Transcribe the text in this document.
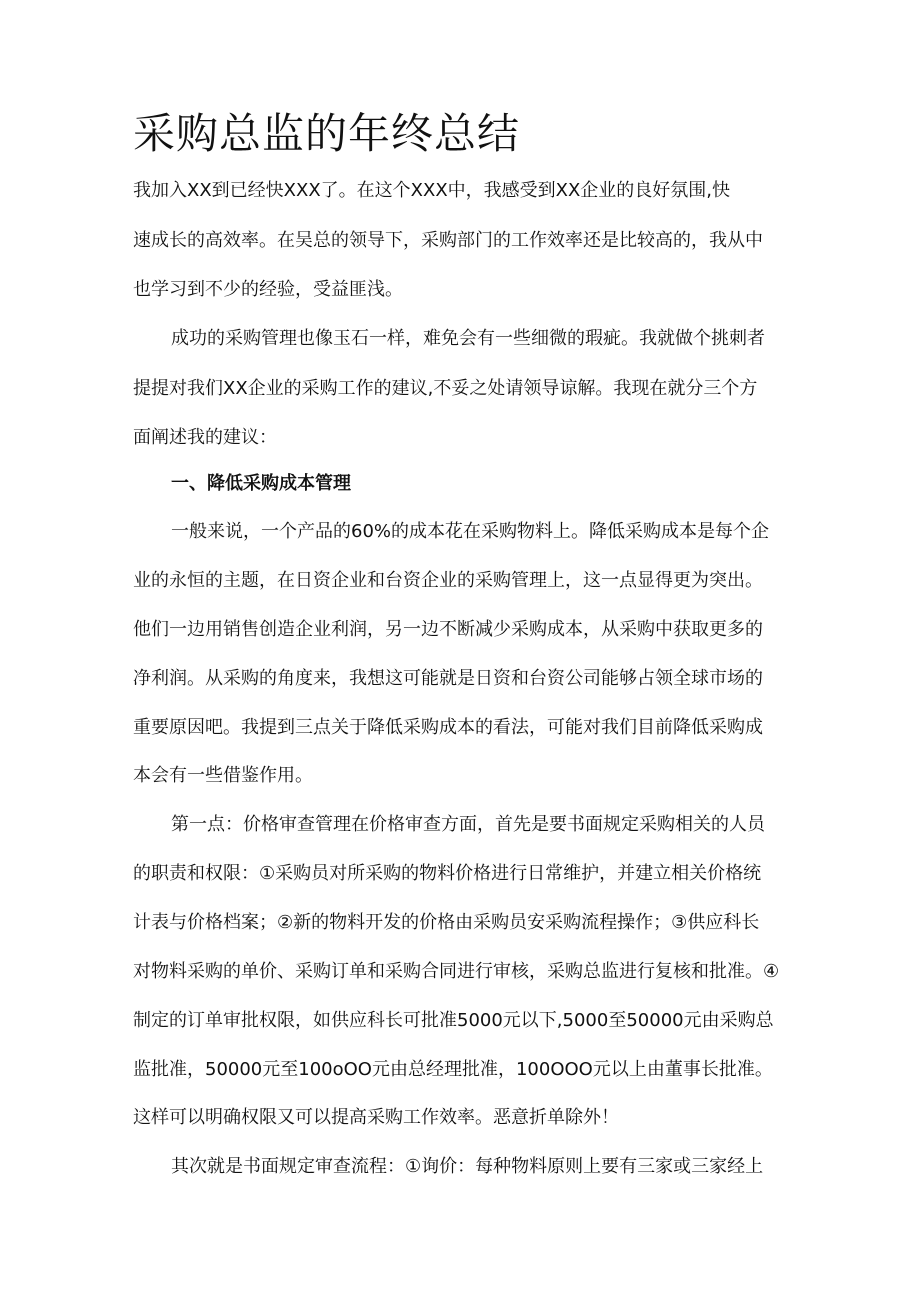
采购总监的年终总结
我加入XX到已经快XXX了。在这个XXX中，我感受到XX企业的良好氛围,快
速成长的高效率。在吴总的领导下，采购部门的工作效率还是比较高的，我从中
也学习到不少的经验，受益匪浅。
成功的采购管理也像玉石一样，难免会有一些细微的瑕疵。我就做个挑刺者
提提对我们XX企业的采购工作的建议,不妥之处请领导谅解。我现在就分三个方
面阐述我的建议：
一、降低采购成本管理
一般来说，一个产品的60%的成本花在采购物料上。降低采购成本是每个企
业的永恒的主题，在日资企业和台资企业的采购管理上，这一点显得更为突出。
他们一边用销售创造企业利润，另一边不断减少采购成本，从采购中获取更多的
净利润。从采购的角度来，我想这可能就是日资和台资公司能够占领全球市场的
重要原因吧。我提到三点关于降低采购成本的看法，可能对我们目前降低采购成
本会有一些借鉴作用。
第一点：价格审查管理在价格审查方面，首先是要书面规定采购相关的人员
的职责和权限：①采购员对所采购的物料价格进行日常维护，并建立相关价格统
计表与价格档案；②新的物料开发的价格由采购员安采购流程操作；③供应科长
对物料采购的单价、采购订单和采购合同进行审核，采购总监进行复核和批准。④
制定的订单审批权限，如供应科长可批准5000元以下,5000至50000元由采购总
监批准，50000元至100oOO元由总经理批准，100OOO元以上由董事长批准。
这样可以明确权限又可以提高采购工作效率。恶意折单除外！
其次就是书面规定审查流程：①询价：每种物料原则上要有三家或三家经上
